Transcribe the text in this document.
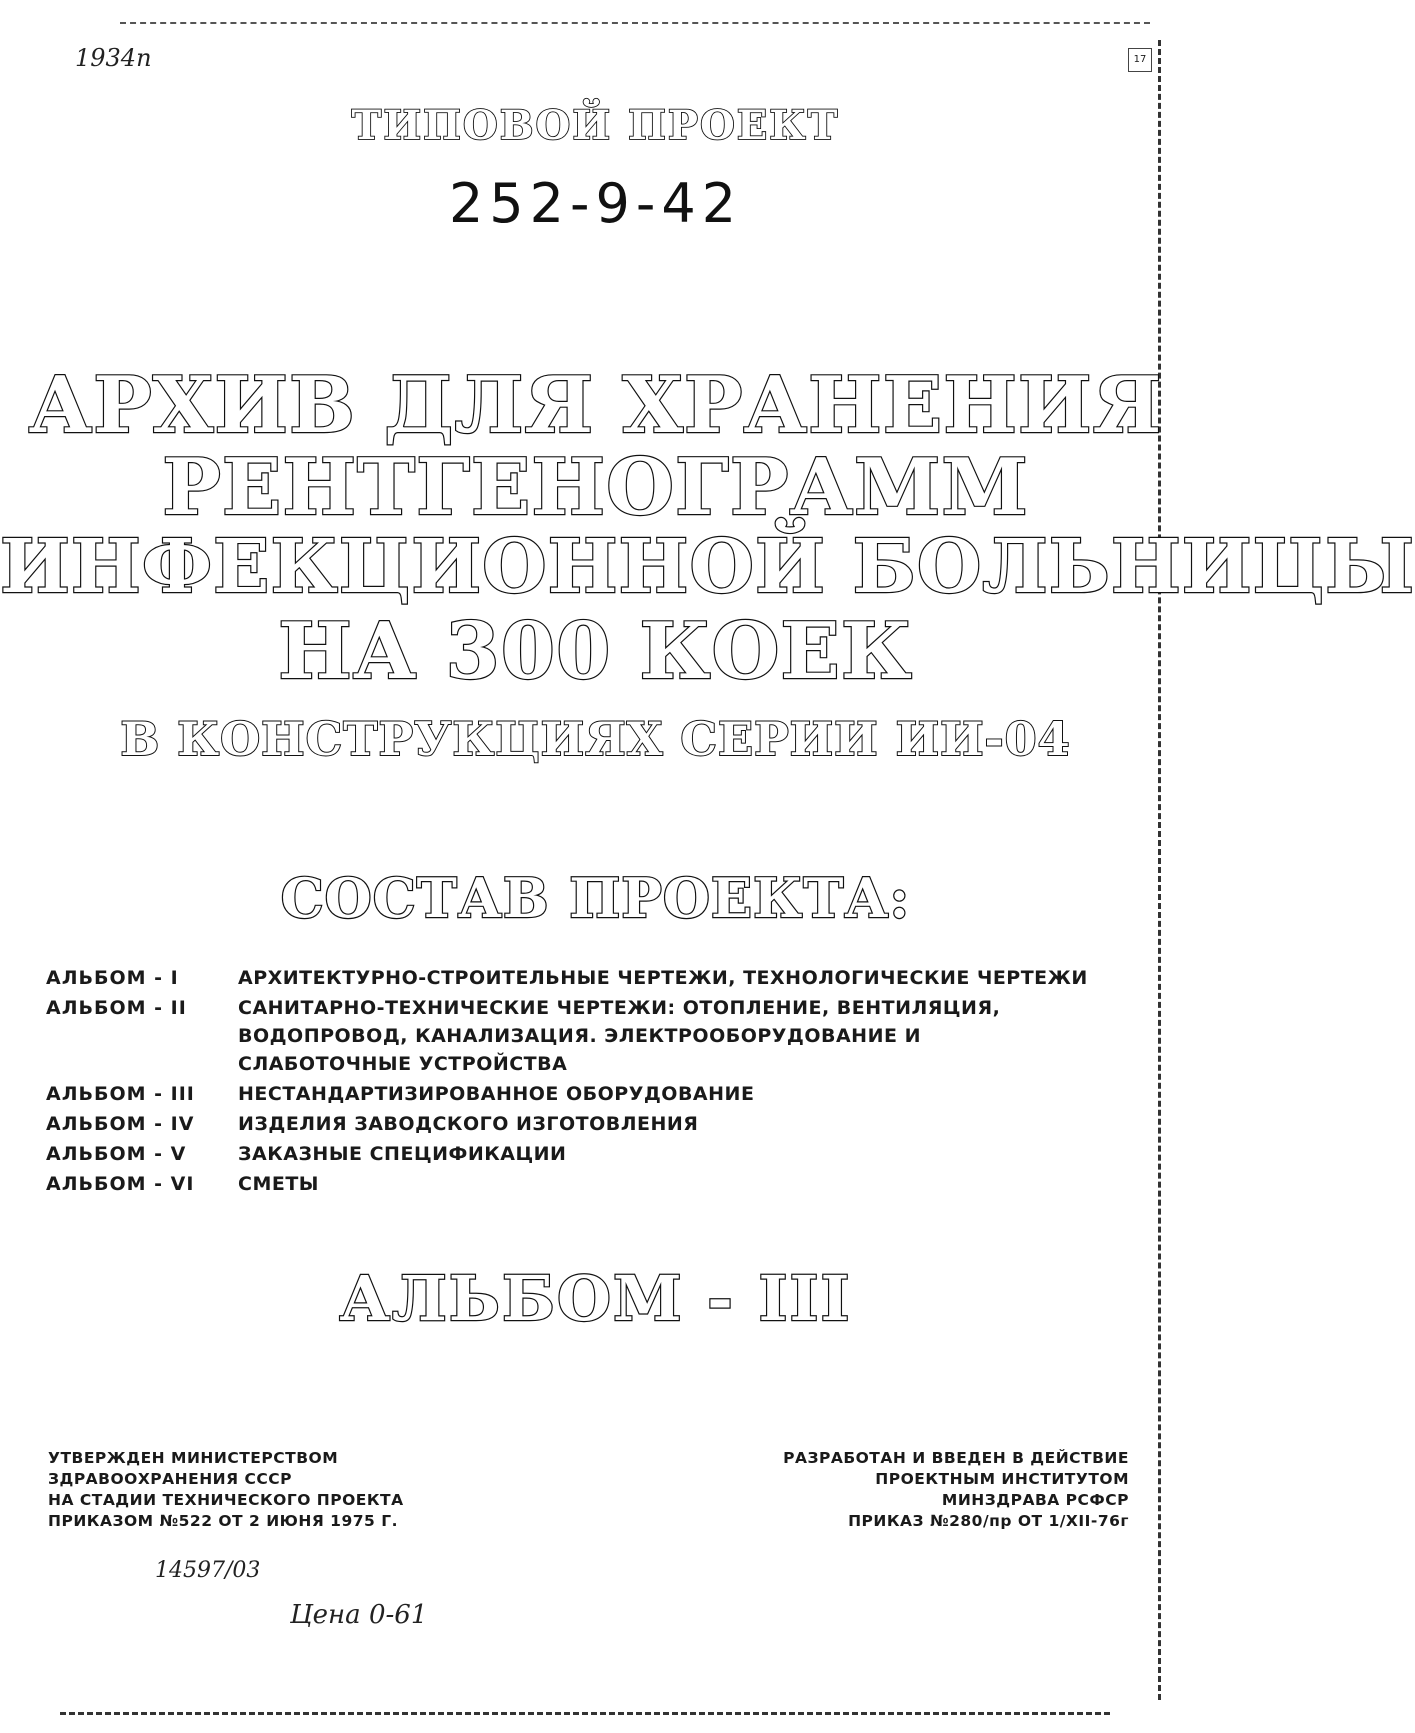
17
1934п
ТИПОВОЙ ПРОЕКТ
252-9-42
АРХИВ ДЛЯ ХРАНЕНИЯ
РЕНТГЕНОГРАММ
ИНФЕКЦИОННОЙ БОЛЬНИЦЫ
НА 300 КОЕК
В КОНСТРУКЦИЯХ СЕРИИ ИИ-04
СОСТАВ ПРОЕКТА:
АЛЬБОМ - I	АРХИТЕКТУРНО-СТРОИТЕЛЬНЫЕ ЧЕРТЕЖИ, ТЕХНОЛОГИЧЕСКИЕ ЧЕРТЕЖИ
АЛЬБОМ - II	САНИТАРНО-ТЕХНИЧЕСКИЕ ЧЕРТЕЖИ: ОТОПЛЕНИЕ, ВЕНТИЛЯЦИЯ, ВОДОПРОВОД, КАНАЛИЗАЦИЯ. ЭЛЕКТРООБОРУДОВАНИЕ И СЛАБОТОЧНЫЕ УСТРОЙСТВА
АЛЬБОМ - III	НЕСТАНДАРТИЗИРОВАННОЕ ОБОРУДОВАНИЕ
АЛЬБОМ - IV	ИЗДЕЛИЯ ЗАВОДСКОГО ИЗГОТОВЛЕНИЯ
АЛЬБОМ - V	ЗАКАЗНЫЕ СПЕЦИФИКАЦИИ
АЛЬБОМ - VI	СМЕТЫ
АЛЬБОМ - III
УТВЕРЖДЕН МИНИСТЕРСТВОМ
ЗДРАВООХРАНЕНИЯ СССР
НА СТАДИИ ТЕХНИЧЕСКОГО ПРОЕКТА
ПРИКАЗОМ №522 ОТ 2 ИЮНЯ 1975 Г.
РАЗРАБОТАН И ВВЕДЕН В ДЕЙСТВИЕ
ПРОЕКТНЫМ ИНСТИТУТОМ
МИНЗДРАВА РСФСР
ПРИКАЗ №280/пр ОТ 1/XII-76г
14597/03
Цена 0-61
